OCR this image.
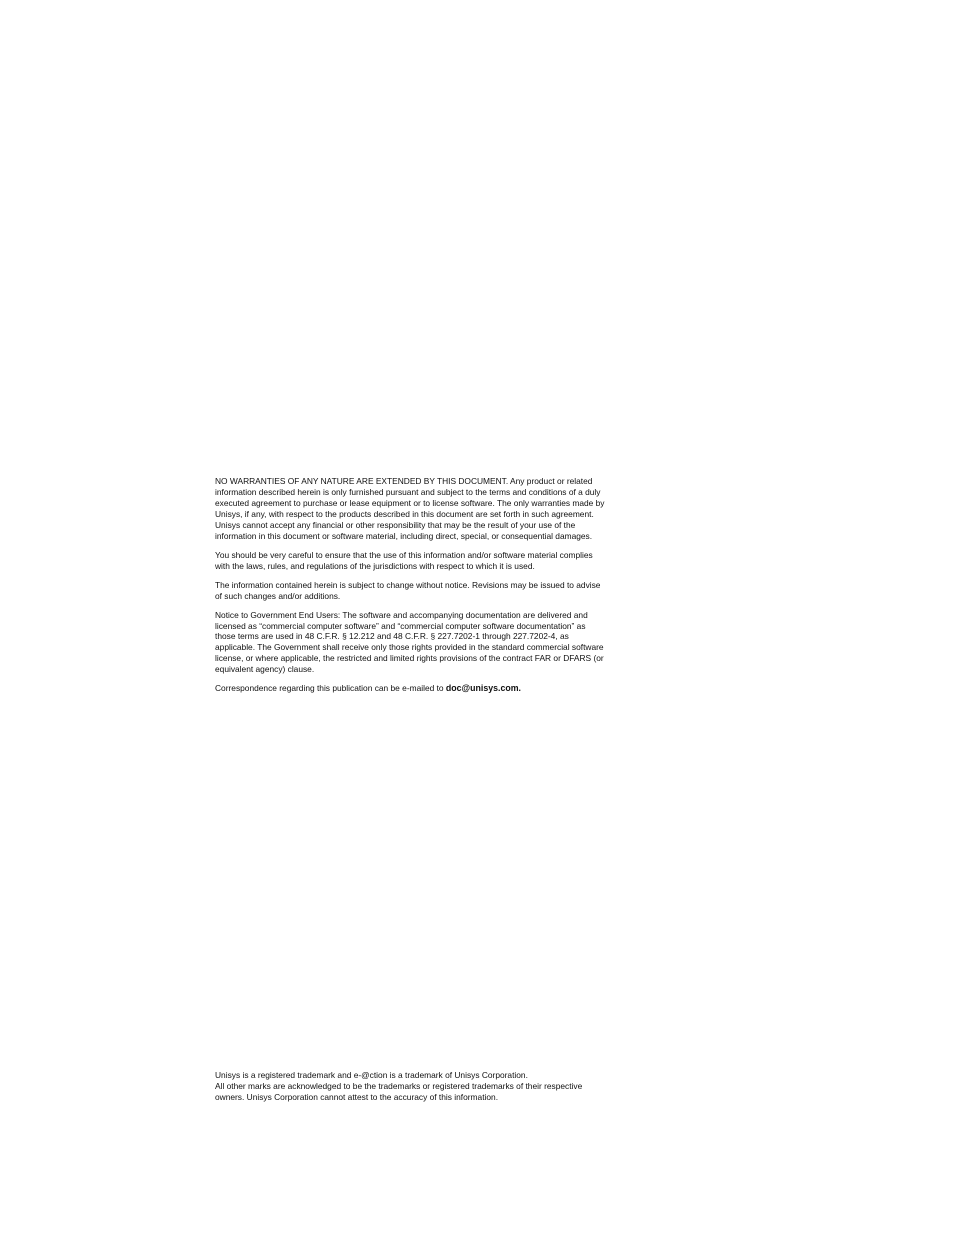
NO WARRANTIES OF ANY NATURE ARE EXTENDED BY THIS DOCUMENT. Any product or related
information described herein is only furnished pursuant and subject to the terms and conditions of a duly
executed agreement to purchase or lease equipment or to license software. The only warranties made by
Unisys, if any, with respect to the products described in this document are set forth in such agreement.
Unisys cannot accept any financial or other responsibility that may be the result of your use of the
information in this document or software material, including direct, special, or consequential damages.

You should be very careful to ensure that the use of this information and/or software material complies
with the laws, rules, and regulations of the jurisdictions with respect to which it is used.

The information contained herein is subject to change without notice. Revisions may be issued to advise
of such changes and/or additions.

Notice to Government End Users: The software and accompanying documentation are delivered and
licensed as “commercial computer software” and “commercial computer software documentation” as
those terms are used in 48 C.F.R. § 12.212 and 48 C.F.R. § 227.7202-1 through 227.7202-4, as
applicable. The Government shall receive only those rights provided in the standard commercial software
license, or where applicable, the restricted and limited rights provisions of the contract FAR or DFARS (or
equivalent agency) clause.

Correspondence regarding this publication can be e-mailed to doc@unisys.com.

Unisys is a registered trademark and e-@ction is a trademark of Unisys Corporation.
All other marks are acknowledged to be the trademarks or registered trademarks of their respective
owners. Unisys Corporation cannot attest to the accuracy of this information.
